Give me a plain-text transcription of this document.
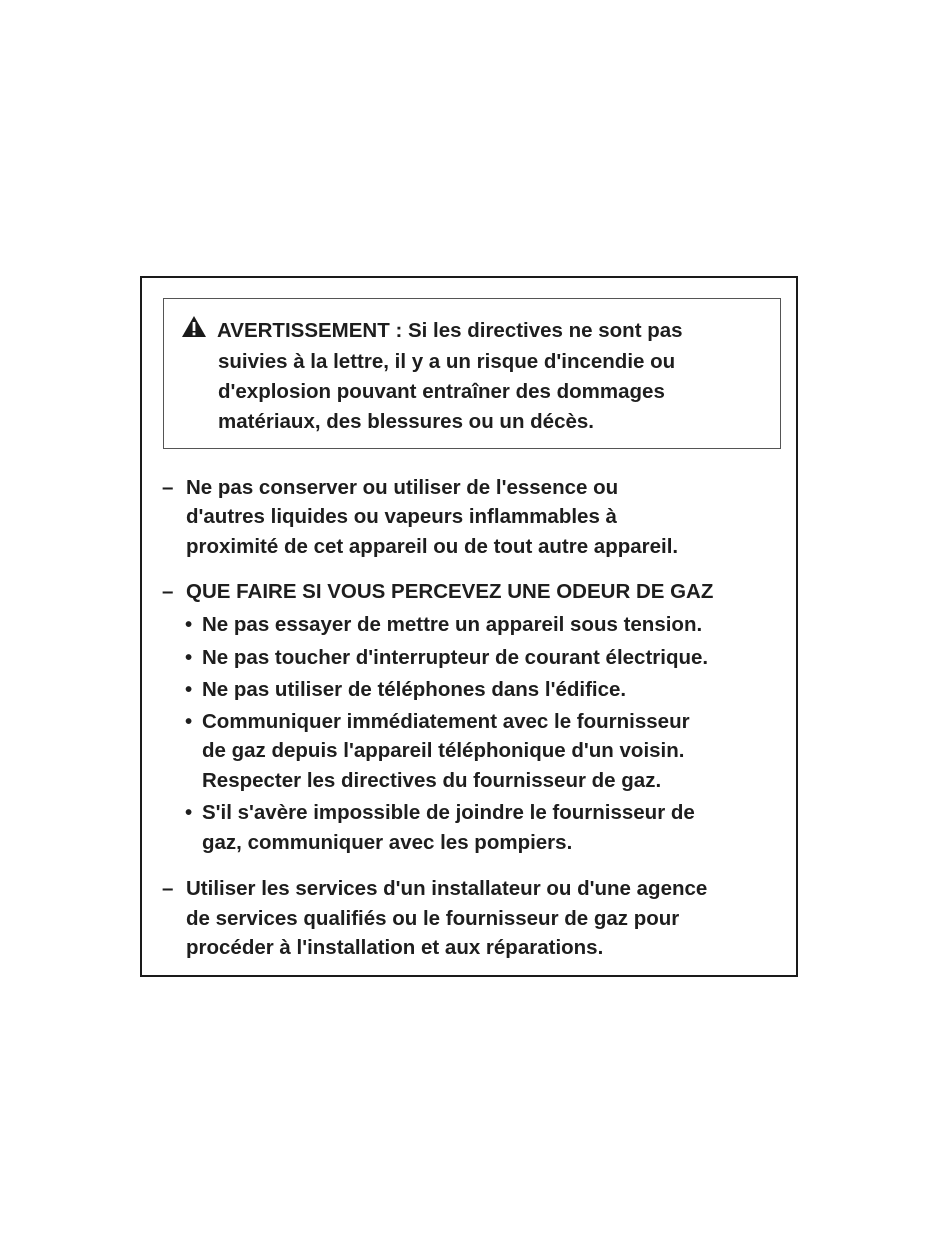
AVERTISSEMENT : Si les directives ne sont pas
suivies à la lettre, il y a un risque d'incendie ou
d'explosion pouvant entraîner des dommages
matériaux, des blessures ou un décès.
– Ne pas conserver ou utiliser de l'essence ou
d'autres liquides ou vapeurs inflammables à
proximité de cet appareil ou de tout autre appareil.
– QUE FAIRE SI VOUS PERCEVEZ UNE ODEUR DE GAZ
• Ne pas essayer de mettre un appareil sous tension.
• Ne pas toucher d'interrupteur de courant électrique.
• Ne pas utiliser de téléphones dans l'édifice.
• Communiquer immédiatement avec le fournisseur
de gaz depuis l'appareil téléphonique d'un voisin.
Respecter les directives du fournisseur de gaz.
• S'il s'avère impossible de joindre le fournisseur de
gaz, communiquer avec les pompiers.
– Utiliser les services d'un installateur ou d'une agence
de services qualifiés ou le fournisseur de gaz pour
procéder à l'installation et aux réparations.
